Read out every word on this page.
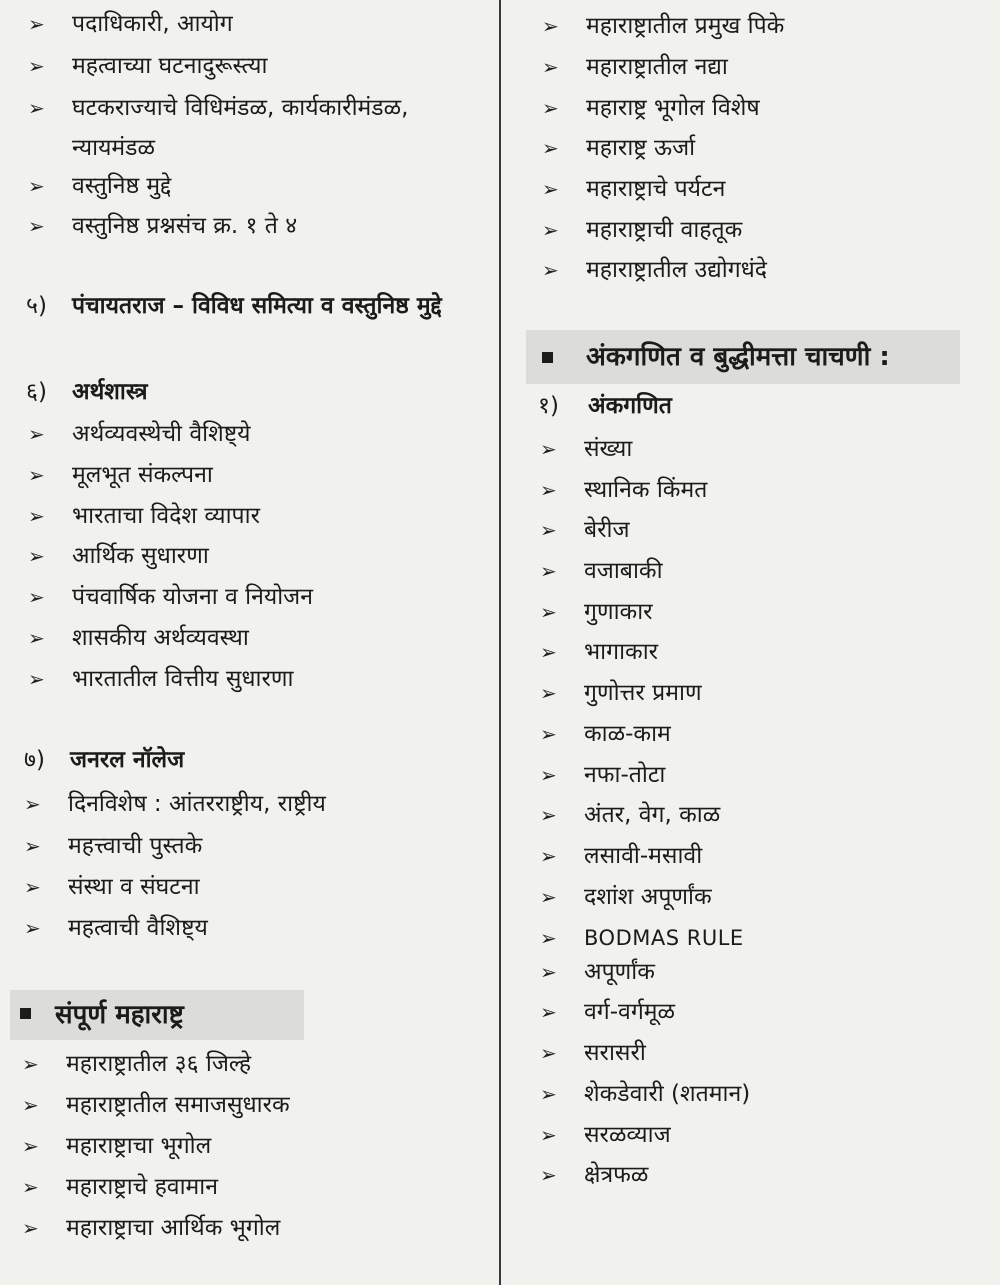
➢ पदाधिकारी, आयोग
➢ महत्वाच्या घटनादुरूस्त्या
➢ घटकराज्याचे विधिमंडळ, कार्यकारीमंडळ, न्यायमंडळ
➢ वस्तुनिष्ठ मुद्दे
➢ वस्तुनिष्ठ प्रश्नसंच क्र. १ ते ४
५) पंचायतराज – विविध समित्या व वस्तुनिष्ठ मुद्दे
६) अर्थशास्त्र
➢ अर्थव्यवस्थेची वैशिष्ट्ये
➢ मूलभूत संकल्पना
➢ भारताचा विदेश व्यापार
➢ आर्थिक सुधारणा
➢ पंचवार्षिक योजना व नियोजन
➢ शासकीय अर्थव्यवस्था
➢ भारतातील वित्तीय सुधारणा
७) जनरल नॉलेज
➢ दिनविशेष : आंतरराष्ट्रीय, राष्ट्रीय
➢ महत्त्वाची पुस्तके
➢ संस्था व संघटना
➢ महत्वाची वैशिष्ट्य
संपूर्ण महाराष्ट्र
➢ महाराष्ट्रातील ३६ जिल्हे
➢ महाराष्ट्रातील समाजसुधारक
➢ महाराष्ट्राचा भूगोल
➢ महाराष्ट्राचे हवामान
➢ महाराष्ट्राचा आर्थिक भूगोल
➢ महाराष्ट्रातील प्रमुख पिके
➢ महाराष्ट्रातील नद्या
➢ महाराष्ट्र भूगोल विशेष
➢ महाराष्ट्र ऊर्जा
➢ महाराष्ट्राचे पर्यटन
➢ महाराष्ट्राची वाहतूक
➢ महाराष्ट्रातील उद्योगधंदे
अंकगणित व बुद्धीमत्ता चाचणी :
१) अंकगणित
➢ संख्या
➢ स्थानिक किंमत
➢ बेरीज
➢ वजाबाकी
➢ गुणाकार
➢ भागाकार
➢ गुणोत्तर प्रमाण
➢ काळ-काम
➢ नफा-तोटा
➢ अंतर, वेग, काळ
➢ लसावी-मसावी
➢ दशांश अपूर्णांक
➢ BODMAS RULE
➢ अपूर्णांक
➢ वर्ग-वर्गमूळ
➢ सरासरी
➢ शेकडेवारी (शतमान)
➢ सरळव्याज
➢ क्षेत्रफळ
